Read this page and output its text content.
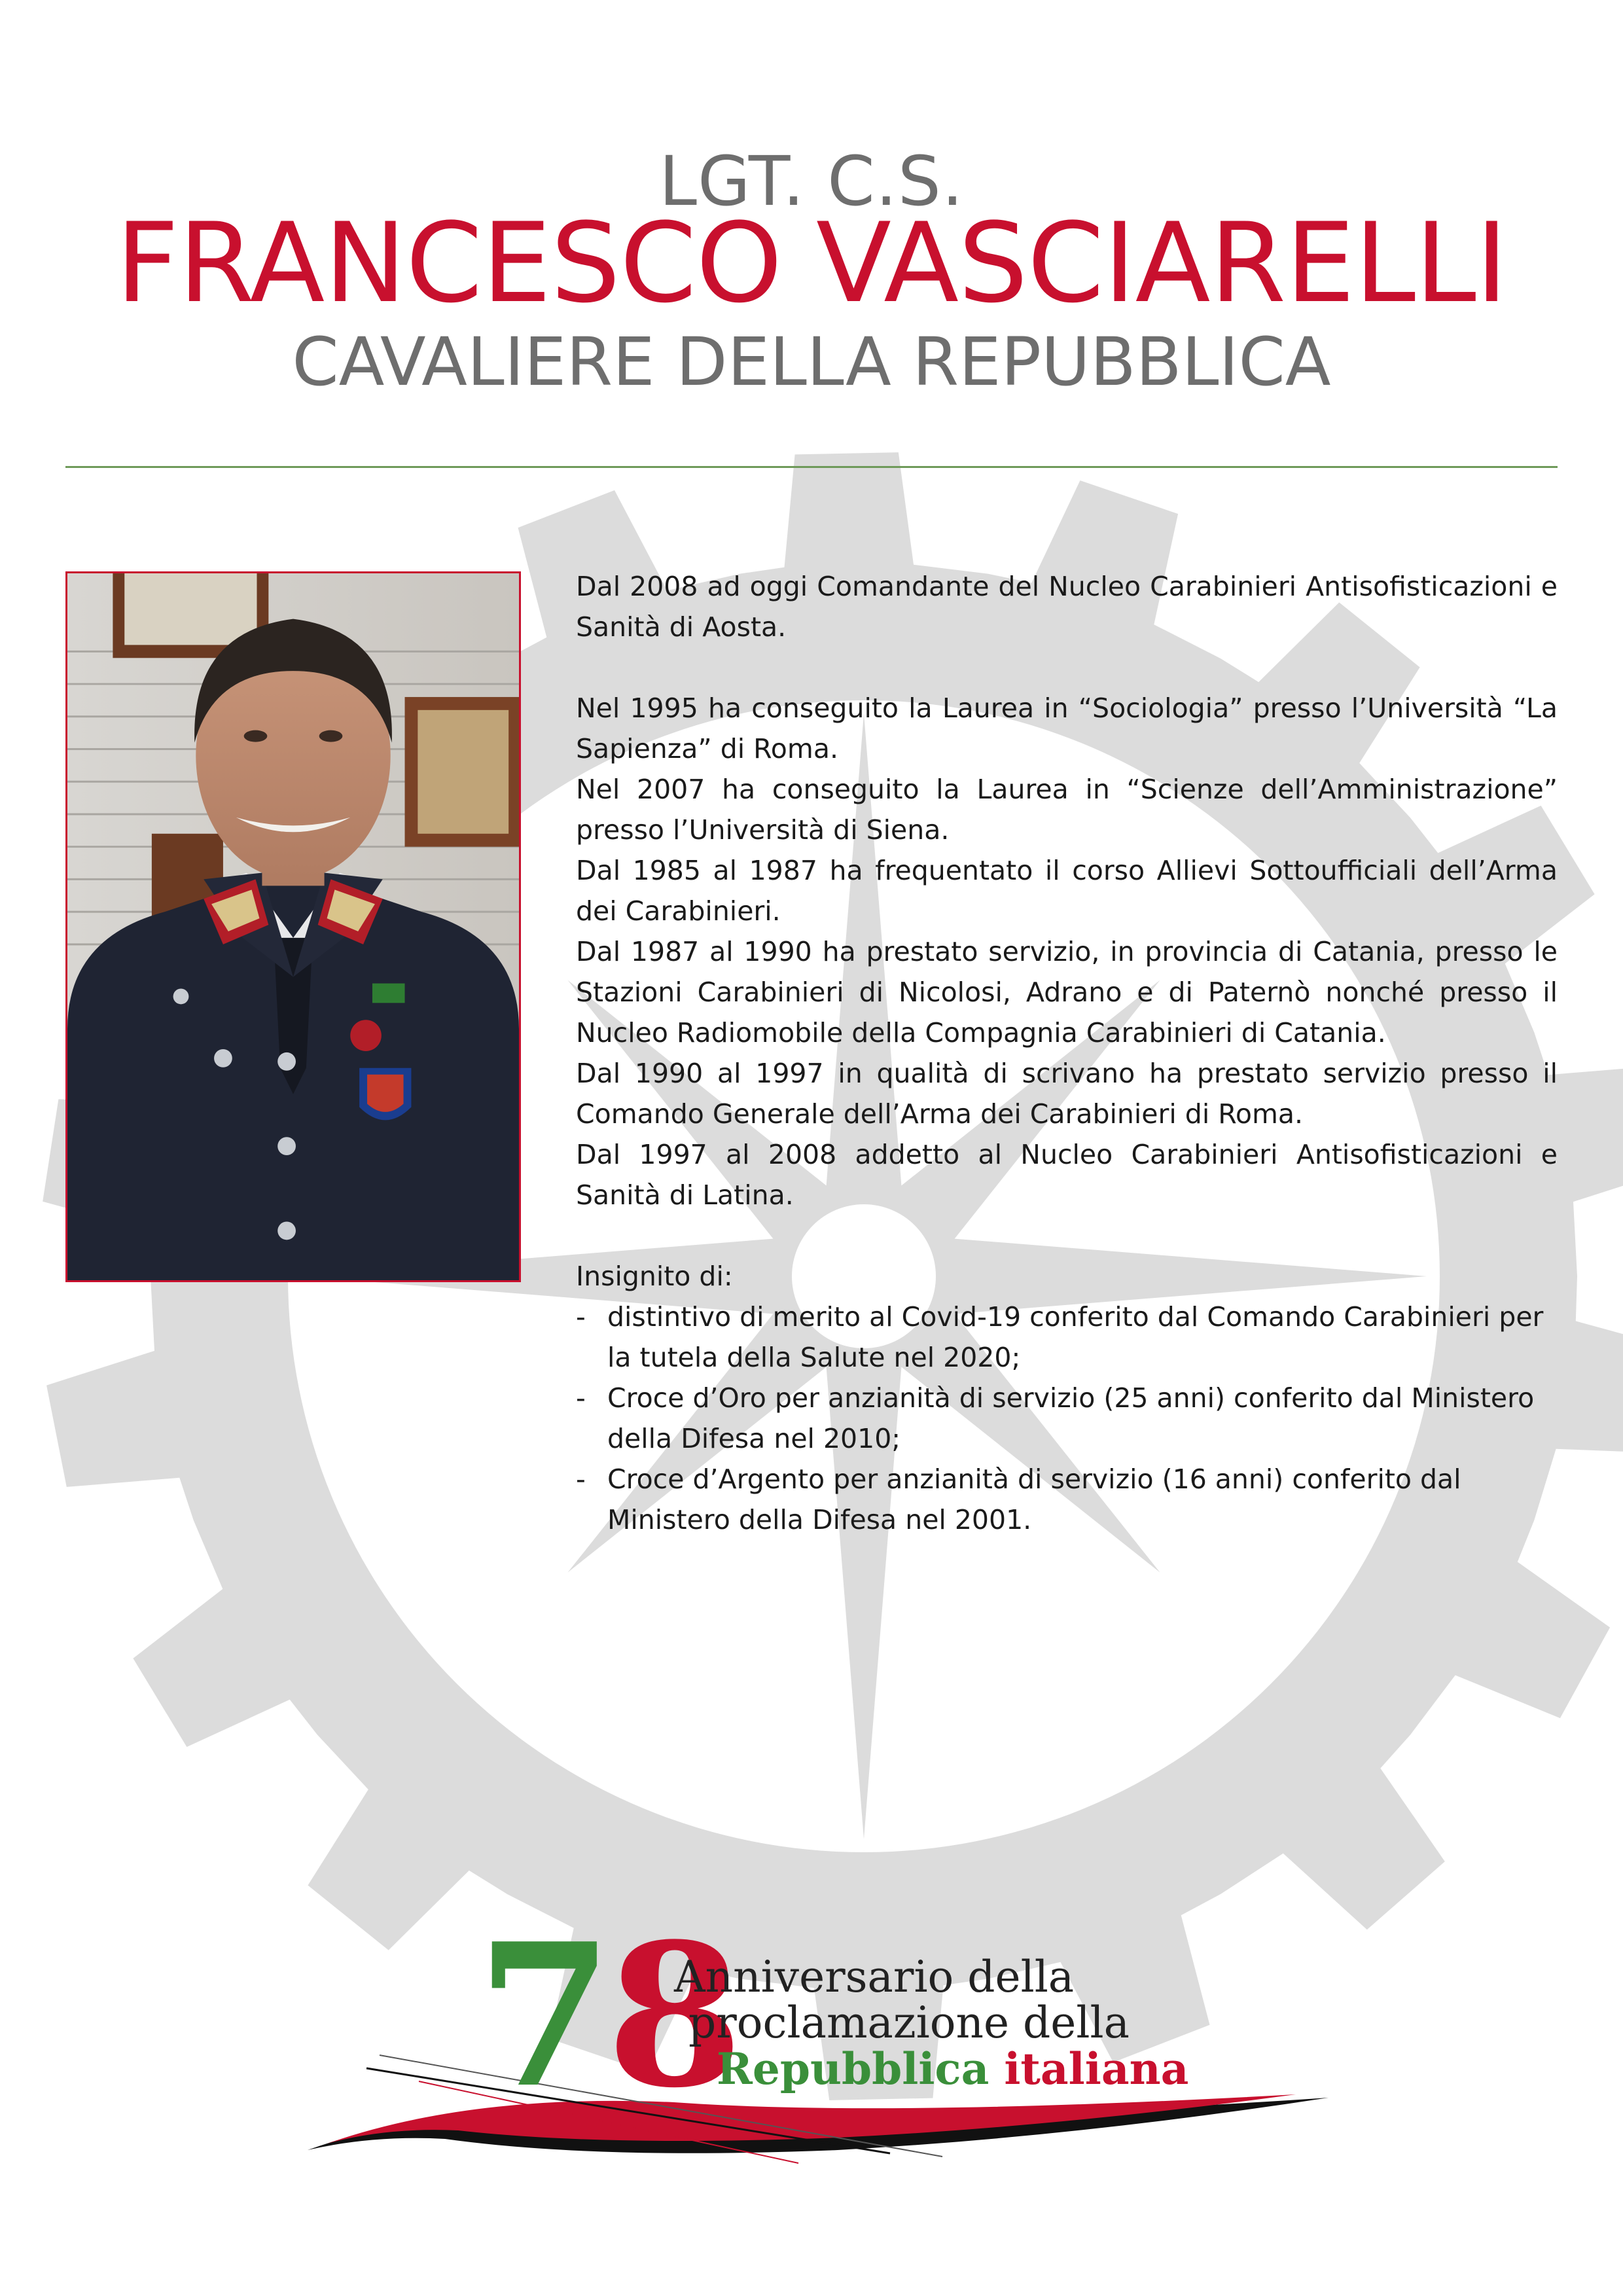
LGT. C.S.
FRANCESCO VASCIARELLI
CAVALIERE DELLA REPUBBLICA

Dal 2008 ad oggi Comandante del Nucleo Carabinieri Antisofisticazioni e Sanità di Aosta.

Nel 1995 ha conseguito la Laurea in “Sociologia” presso l’Università “La Sapienza” di Roma.

Nel 2007 ha conseguito la Laurea in “Scienze dell’Amministrazione” presso l’Università di Siena.

Dal 1985 al 1987 ha frequentato il corso Allievi Sottoufficiali dell’Arma dei Carabinieri.

Dal 1987 al 1990 ha prestato servizio, in provincia di Catania, presso le Stazioni Carabinieri di Nicolosi, Adrano e di Paternò nonché presso il Nucleo Radiomobile della Compagnia Carabinieri di Catania.

Dal 1990 al 1997 in qualità di scrivano ha prestato servizio presso il Comando Generale dell’Arma dei Carabinieri di Roma.

Dal 1997 al 2008 addetto al Nucleo Carabinieri Antisofisticazioni e Sanità di Latina.

Insignito di:

- distintivo di merito al Covid-19 conferito dal Comando Carabinieri per la tutela della Salute nel 2020;
- Croce d’Oro per anzianità di servizio (25 anni) conferito dal Ministero della Difesa nel 2010;
- Croce d’Argento per anzianità di servizio (16 anni) conferito dal Ministero della Difesa nel 2001.
78
Anniversario della
proclamazione della
Repubblica italiana
